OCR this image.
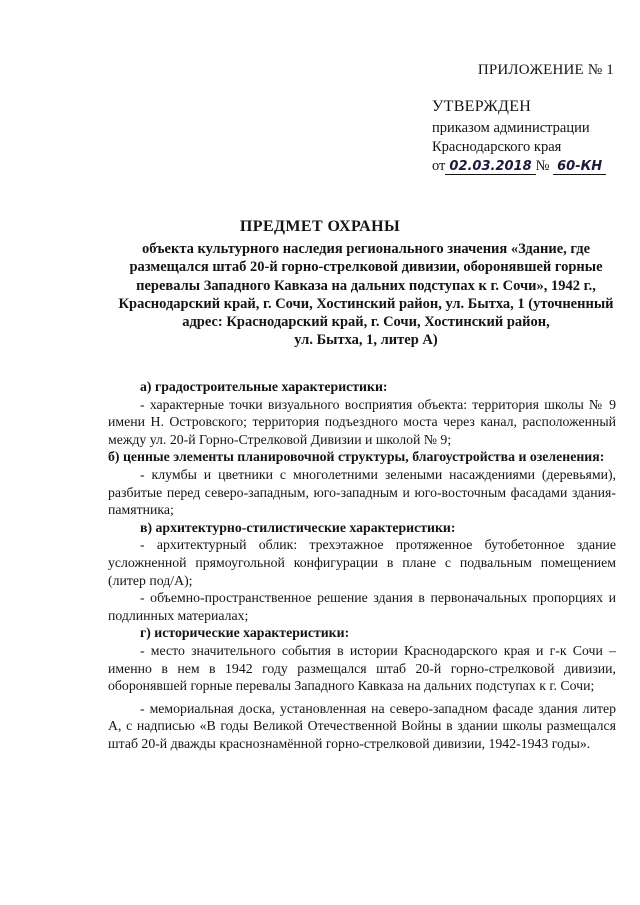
ПРИЛОЖЕНИЕ № 1
УТВЕРЖДЕН
приказом администрации
Краснодарского края
от 02.03.2018 № 60-КН
ПРЕДМЕТ ОХРАНЫ
объекта культурного наследия регионального значения «Здание, где
размещался штаб 20-й горно-стрелковой дивизии, оборонявшей горные
перевалы Западного Кавказа на дальних подступах к г. Сочи», 1942 г.,
Краснодарский край, г. Сочи, Хостинский район, ул. Бытха, 1 (уточненный
адрес: Краснодарский край, г. Сочи, Хостинский район,
ул. Бытха, 1, литер А)

а) градостроительные характеристики:

- характерные точки визуального восприятия объекта: территория школы № 9 имени Н. Островского; территория подъездного моста через канал, расположенный между ул. 20-й Горно-Стрелковой Дивизии и школой № 9;

б) ценные элементы планировочной структуры, благоустройства и озеленения:

- клумбы и цветники с многолетними зелеными насаждениями (деревьями), разбитые перед северо-западным, юго-западным и юго-восточным фасадами здания-памятника;

в) архитектурно-стилистические характеристики:

- архитектурный облик: трехэтажное протяженное бутобетонное здание усложненной прямоугольной конфигурации в плане с подвальным помещением (литер под/А);

- объемно-пространственное решение здания в первоначальных пропорциях и подлинных материалах;

г) исторические характеристики:

- место значительного события в истории Краснодарского края и г-к Сочи – именно в нем в 1942 году размещался штаб 20-й горно-стрелковой дивизии, оборонявшей горные перевалы Западного Кавказа на дальних подступах к г. Сочи;

- мемориальная доска, установленная на северо-западном фасаде здания литер А, с надписью «В годы Великой Отечественной Войны в здании школы размещался штаб 20-й дважды краснознамённой горно-стрелковой дивизии, 1942-1943 годы».
